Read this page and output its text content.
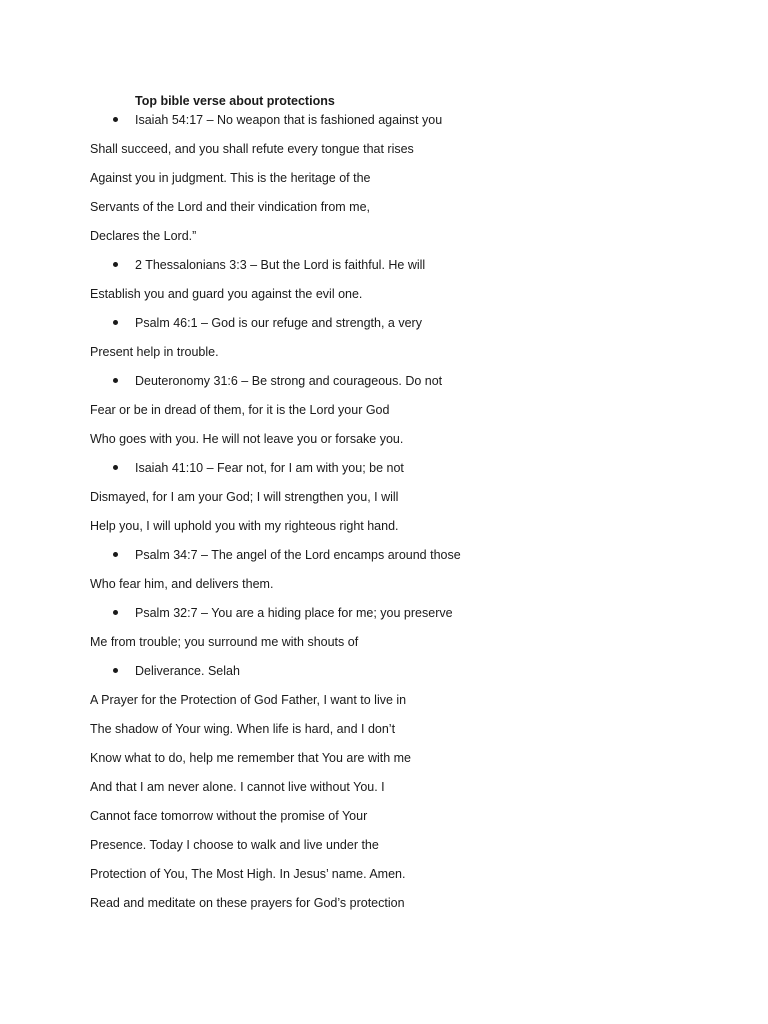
Top bible verse about protections
Isaiah 54:17 – No weapon that is fashioned against you
Shall succeed, and you shall refute every tongue that rises
Against you in judgment. This is the heritage of the
Servants of the Lord and their vindication from me,
Declares the Lord.”
2 Thessalonians 3:3 – But the Lord is faithful. He will
Establish you and guard you against the evil one.
Psalm 46:1 – God is our refuge and strength, a very
Present help in trouble.
Deuteronomy 31:6 – Be strong and courageous. Do not
Fear or be in dread of them, for it is the Lord your God
Who goes with you. He will not leave you or forsake you.
Isaiah 41:10 – Fear not, for I am with you; be not
Dismayed, for I am your God; I will strengthen you, I will
Help you, I will uphold you with my righteous right hand.
Psalm 34:7 – The angel of the Lord encamps around those
Who fear him, and delivers them.
Psalm 32:7 – You are a hiding place for me; you preserve
Me from trouble; you surround me with shouts of
Deliverance. Selah
A Prayer for the Protection of God Father, I want to live in
The shadow of Your wing. When life is hard, and I don’t
Know what to do, help me remember that You are with me
And that I am never alone. I cannot live without You. I
Cannot face tomorrow without the promise of Your
Presence. Today I choose to walk and live under the
Protection of You, The Most High. In Jesus’ name. Amen.
Read and meditate on these prayers for God’s protection
